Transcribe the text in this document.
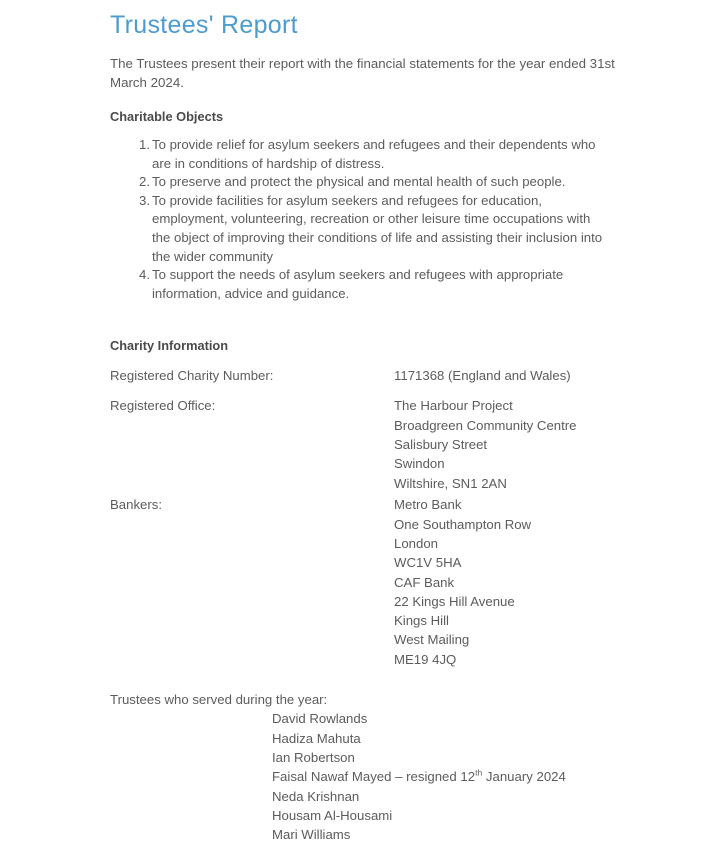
Trustees' Report

The Trustees present their report with the financial statements for the year ended 31st March 2024.

Charitable Objects
1. To provide relief for asylum seekers and refugees and their dependents who are in conditions of hardship of distress.
2. To preserve and protect the physical and mental health of such people.
3. To provide facilities for asylum seekers and refugees for education, employment, volunteering, recreation or other leisure time occupations with the object of improving their conditions of life and assisting their inclusion into the wider community
4. To support the needs of asylum seekers and refugees with appropriate information, advice and guidance.
Charity Information
Registered Charity Number:	1171368 (England and Wales)
Registered Office:	The Harbour Project
Broadgreen Community Centre
Salisbury Street
Swindon
Wiltshire, SN1 2AN
Bankers:	Metro Bank
One Southampton Row
London
WC1V 5HA
CAF Bank
22 Kings Hill Avenue
Kings Hill
West Mailing
ME19 4JQ

Trustees who served during the year:

David Rowlands
Hadiza Mahuta
Ian Robertson
Faisal Nawaf Mayed – resigned 12th January 2024
Neda Krishnan
Housam Al-Housami
Mari Williams
